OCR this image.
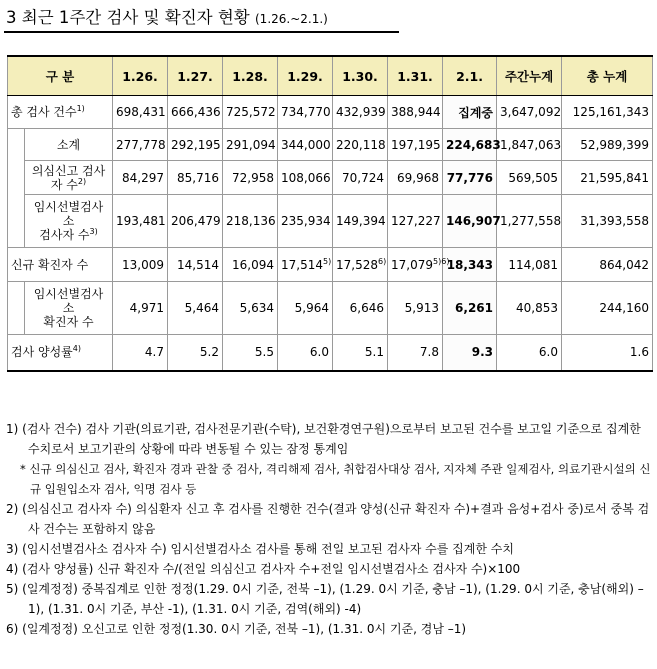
3 최근 1주간 검사 및 확진자 현황 (1.26.~2.1.)
구 분		1.26.	1.27.	1.28.	1.29.	1.30.	1.31.	2.1.	주간누계	총 누계
총 검사 건수$^{1)}$		698,431	666,436	725,572	734,770	432,939	388,944	집계중	3,647,092	125,161,343
	소계	277,778	292,195	291,094	344,000	220,118	197,195	224,683	1,847,063	52,989,399
	의심신고 검사
자 수$^{2)}$	84,297	85,716	72,958	108,066	70,724	69,968	77,776	569,505	21,595,841
	임시선별검사
소
검사자 수$^{3)}$	193,481	206,479	218,136	235,934	149,394	127,227	146,907	1,277,558	31,393,558
신규 확진자 수		13,009	14,514	16,094	17,514$^{5)}$	17,528$^{6)}$	$17,079^{5)6)}$	18,343	114,081	864,042
	임시선별검사
소
확진자 수	4,971	5,464	5,634	5,964	6,646	5,913	6,261	40,853	244,160
검사 양성률$^{4)}$		4.7	5.2	5.5	6.0	5.1	7.8	9.3	6.0	1.6

1) (검사 건수) 검사 기관(의료기관, 검사전문기관(수탁), 보건환경연구원)으로부터 보고된 건수를 보고일 기준으로 집계한 수치로서 보고기관의 상황에 따라 변동될 수 있는 잠정 통계임

* 신규 의심신고 검사, 확진자 경과 관찰 중 검사, 격리해제 검사, 취합검사대상 검사, 지자체 주관 일제검사, 의료기관시설의 신규 입원입소자 검사, 익명 검사 등

2) (의심신고 검사자 수) 의심환자 신고 후 검사를 진행한 건수(결과 양성(신규 확진자 수)+결과 음성+검사 중)로서 중복 검사 건수는 포함하지 않음

3) (임시선별검사소 검사자 수) 임시선별검사소 검사를 통해 전일 보고된 검사자 수를 집계한 수치

4) (검사 양성률) 신규 확진자 수/(전일 의심신고 검사자 수+전일 임시선별검사소 검사자 수)×100

5) (일계정정) 중복집계로 인한 정정(1.29. 0시 기준, 전북 –1), (1.29. 0시 기준, 충남 –1), (1.29. 0시 기준, 충남(해외) –1), (1.31. 0시 기준, 부산 -1), (1.31. 0시 기준, 검역(해외) -4)

6) (일계정정) 오신고로 인한 정정(1.30. 0시 기준, 전북 –1), (1.31. 0시 기준, 경남 –1)
